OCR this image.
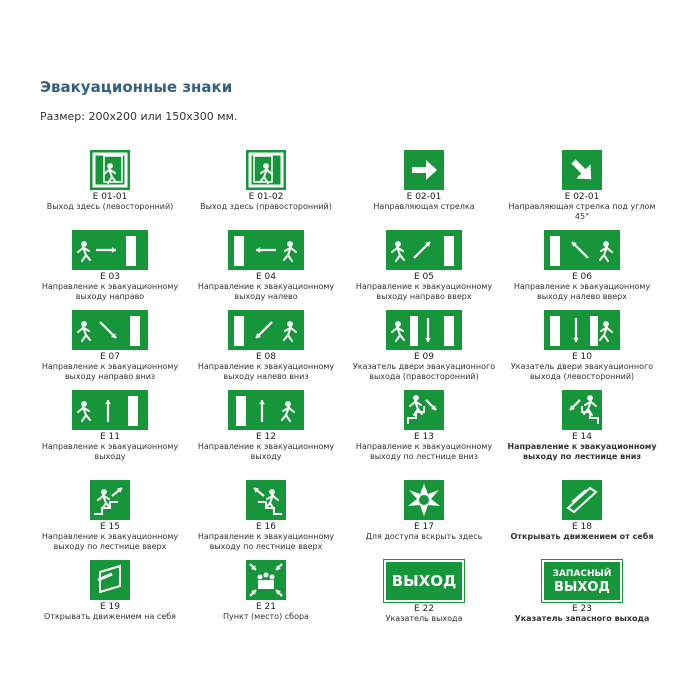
Эвакуационные знаки
Размер: 200х200 или 150х300 мм.
E 01-01
Выход здесь (левосторонний)
E 01-02
Выход здесь (правосторонний)
E 02-01
Направляющая стрелка
E 02-01
Направляющая стрелка под углом 45°
E 03
Направление к эвакуационному выходу направо
E 04
Направление к эвакуационному выходу налево
E 05
Направление к эвакуационному выходу направо вверх
E 06
Направление к эвакуационному выходу налево вверх
E 07
Направление к эвакуационному выходу направо вниз
E 08
Направление к эвакуационному выходу налево вниз
E 09
Указатель двери эвакуационного выхода (правосторонний)
E 10
Указатель двери эвакуационного выхода (левосторонний)
E 11
Направление к эвакуационному выходу
E 12
Направление к эвакуационному выходу
E 13
Направление к эвакуационному выходу по лестнице вниз
E 14
Направление к эвакуационному выходу по лестнице вниз
E 15
Направление к эвакуационному выходу по лестнице вверх
E 16
Направление к эвакуационному выходу по лестнице вверх
E 17
Для доступа вскрыть здесь
E 18
Открывать движением от себя
E 19
Открывать движением на себя
E 21
Пункт (место) сбора
ВЫХОД
E 22
Указатель выхода
ЗАПАСНЫЙ
ВЫХОД
E 23
Указатель запасного выхода
